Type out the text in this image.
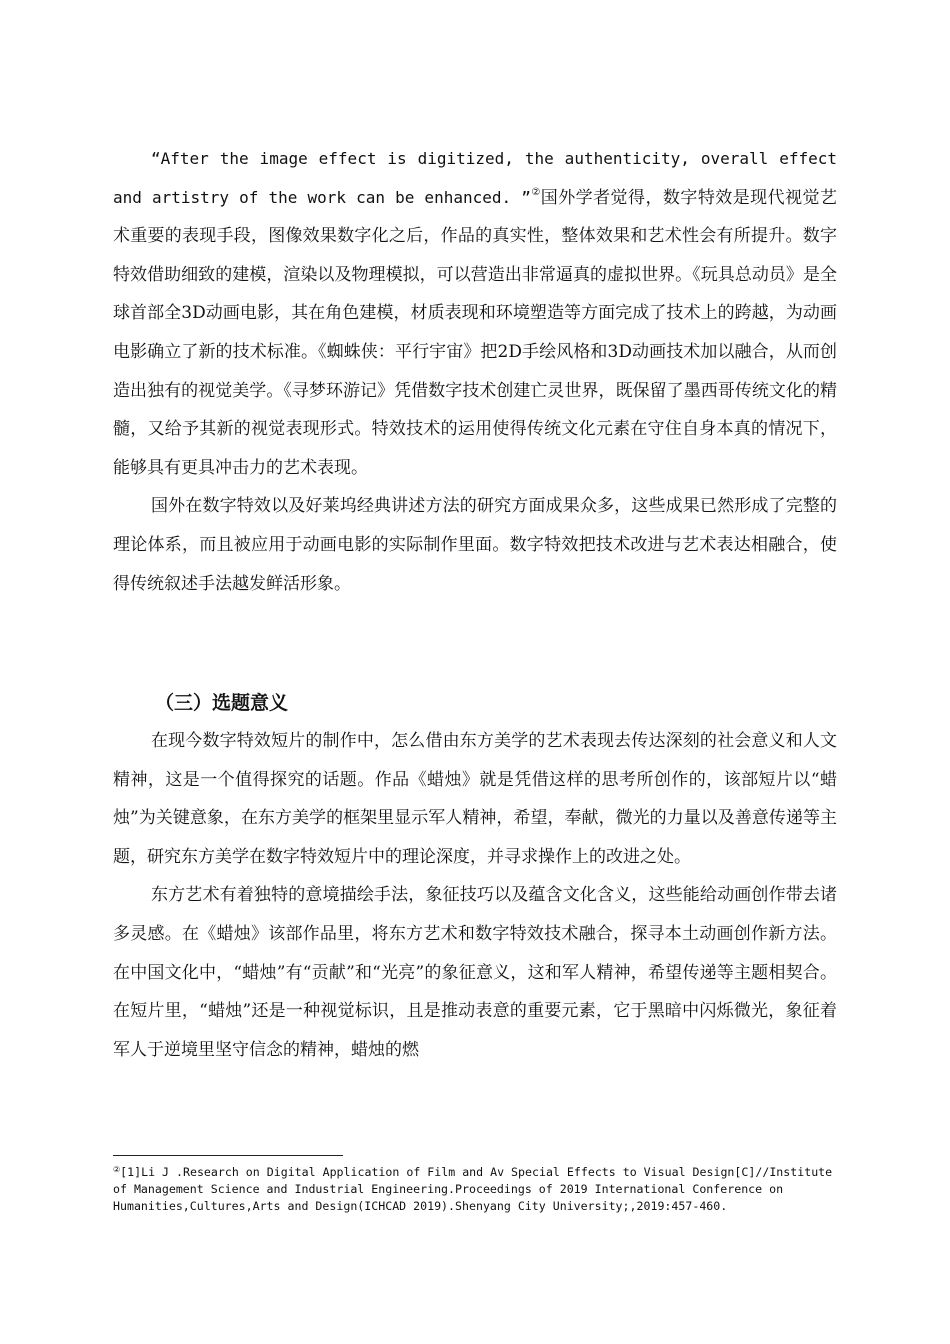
“After the image effect is digitized, the authenticity, overall effect and artistry of the work can be enhanced. ”②国外学者觉得，数字特效是现代视觉艺术重要的表现手段，图像效果数字化之后，作品的真实性，整体效果和艺术性会有所提升。数字特效借助细致的建模，渲染以及物理模拟，可以营造出非常逼真的虚拟世界。《玩具总动员》是全球首部全3D动画电影，其在角色建模，材质表现和环境塑造等方面完成了技术上的跨越，为动画电影确立了新的技术标准。《蜘蛛侠：平行宇宙》把2D手绘风格和3D动画技术加以融合，从而创造出独有的视觉美学。《寻梦环游记》凭借数字技术创建亡灵世界，既保留了墨西哥传统文化的精髓，又给予其新的视觉表现形式。特效技术的运用使得传统文化元素在守住自身本真的情况下，能够具有更具冲击力的艺术表现。

国外在数字特效以及好莱坞经典讲述方法的研究方面成果众多，这些成果已然形成了完整的理论体系，而且被应用于动画电影的实际制作里面。数字特效把技术改进与艺术表达相融合，使得传统叙述手法越发鲜活形象。

（三）选题意义

在现今数字特效短片的制作中，怎么借由东方美学的艺术表现去传达深刻的社会意义和人文精神，这是一个值得探究的话题。作品《蜡烛》就是凭借这样的思考所创作的，该部短片以“蜡烛”为关键意象，在东方美学的框架里显示军人精神，希望，奉献，微光的力量以及善意传递等主题，研究东方美学在数字特效短片中的理论深度，并寻求操作上的改进之处。

东方艺术有着独特的意境描绘手法，象征技巧以及蕴含文化含义，这些能给动画创作带去诸多灵感。在《蜡烛》该部作品里，将东方艺术和数字特效技术融合，探寻本土动画创作新方法。在中国文化中，“蜡烛”有“贡献”和“光亮”的象征意义，这和军人精神，希望传递等主题相契合。在短片里，“蜡烛”还是一种视觉标识，且是推动表意的重要元素，它于黑暗中闪烁微光，象征着军人于逆境里坚守信念的精神，蜡烛的燃

②[1]Li J .Research on Digital Application of Film and Av Special Effects to Visual Design[C]//Institute of Management Science and Industrial Engineering.Proceedings of 2019 International Conference on Humanities,Cultures,Arts and Design(ICHCAD 2019).Shenyang City University;,2019:457-460.
